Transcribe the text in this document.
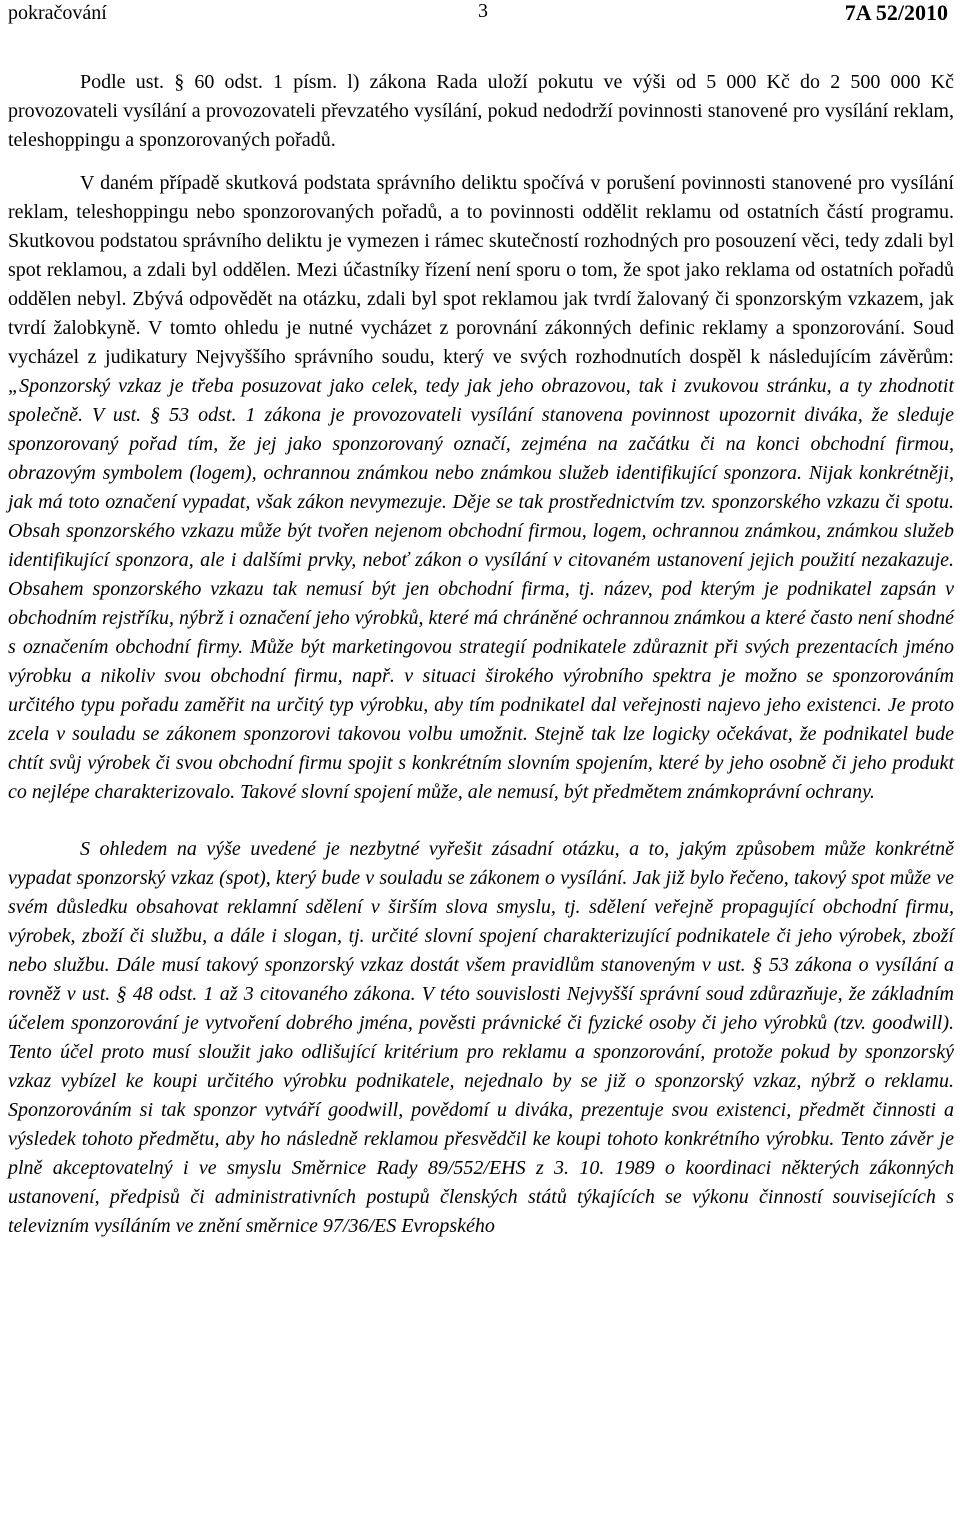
pokračování	3	7A 52/2010

Podle ust. § 60 odst. 1 písm. l) zákona Rada uloží pokutu ve výši od 5 000 Kč do 2 500 000 Kč provozovateli vysílání a provozovateli převzatého vysílání, pokud nedodrží povinnosti stanovené pro vysílání reklam, teleshoppingu a sponzorovaných pořadů.

V daném případě skutková podstata správního deliktu spočívá v porušení povinnosti stanovené pro vysílání reklam, teleshoppingu nebo sponzorovaných pořadů, a to povinnosti oddělit reklamu od ostatních částí programu. Skutkovou podstatou správního deliktu je vymezen i rámec skutečností rozhodných pro posouzení věci, tedy zdali byl spot reklamou, a zdali byl oddělen. Mezi účastníky řízení není sporu o tom, že spot jako reklama od ostatních pořadů oddělen nebyl. Zbývá odpovědět na otázku, zdali byl spot reklamou jak tvrdí žalovaný či sponzorským vzkazem, jak tvrdí žalobkyně. V tomto ohledu je nutné vycházet z porovnání zákonných definic reklamy a sponzorování. Soud vycházel z judikatury Nejvyššího správního soudu, který ve svých rozhodnutích dospěl k následujícím závěrům: „Sponzorský vzkaz je třeba posuzovat jako celek, tedy jak jeho obrazovou, tak i zvukovou stránku, a ty zhodnotit společně. V ust. § 53 odst. 1 zákona je provozovateli vysílání stanovena povinnost upozornit diváka, že sleduje sponzorovaný pořad tím, že jej jako sponzorovaný označí, zejména na začátku či na konci obchodní firmou, obrazovým symbolem (logem), ochrannou známkou nebo známkou služeb identifikující sponzora. Nijak konkrétněji, jak má toto označení vypadat, však zákon nevymezuje. Děje se tak prostřednictvím tzv. sponzorského vzkazu či spotu. Obsah sponzorského vzkazu může být tvořen nejenom obchodní firmou, logem, ochrannou známkou, známkou služeb identifikující sponzora, ale i dalšími prvky, neboť zákon o vysílání v citovaném ustanovení jejich použití nezakazuje. Obsahem sponzorského vzkazu tak nemusí být jen obchodní firma, tj. název, pod kterým je podnikatel zapsán v obchodním rejstříku, nýbrž i označení jeho výrobků, které má chráněné ochrannou známkou a které často není shodné s označením obchodní firmy. Může být marketingovou strategií podnikatele zdůraznit při svých prezentacích jméno výrobku a nikoliv svou obchodní firmu, např. v situaci širokého výrobního spektra je možno se sponzorováním určitého typu pořadu zaměřit na určitý typ výrobku, aby tím podnikatel dal veřejnosti najevo jeho existenci. Je proto zcela v souladu se zákonem sponzorovi takovou volbu umožnit. Stejně tak lze logicky očekávat, že podnikatel bude chtít svůj výrobek či svou obchodní firmu spojit s konkrétním slovním spojením, které by jeho osobně či jeho produkt co nejlépe charakterizovalo. Takové slovní spojení může, ale nemusí, být předmětem známkoprávní ochrany.

S ohledem na výše uvedené je nezbytné vyřešit zásadní otázku, a to, jakým způsobem může konkrétně vypadat sponzorský vzkaz (spot), který bude v souladu se zákonem o vysílání. Jak již bylo řečeno, takový spot může ve svém důsledku obsahovat reklamní sdělení v širším slova smyslu, tj. sdělení veřejně propagující obchodní firmu, výrobek, zboží či službu, a dále i slogan, tj. určité slovní spojení charakterizující podnikatele či jeho výrobek, zboží nebo službu. Dále musí takový sponzorský vzkaz dostát všem pravidlům stanoveným v ust. § 53 zákona o vysílání a rovněž v ust. § 48 odst. 1 až 3 citovaného zákona. V této souvislosti Nejvyšší správní soud zdůrazňuje, že základním účelem sponzorování je vytvoření dobrého jména, pověsti právnické či fyzické osoby či jeho výrobků (tzv. goodwill). Tento účel proto musí sloužit jako odlišující kritérium pro reklamu a sponzorování, protože pokud by sponzorský vzkaz vybízel ke koupi určitého výrobku podnikatele, nejednalo by se již o sponzorský vzkaz, nýbrž o reklamu. Sponzorováním si tak sponzor vytváří goodwill, povědomí u diváka, prezentuje svou existenci, předmět činnosti a výsledek tohoto předmětu, aby ho následně reklamou přesvědčil ke koupi tohoto konkrétního výrobku. Tento závěr je plně akceptovatelný i ve smyslu Směrnice Rady 89/552/EHS z 3. 10. 1989 o koordinaci některých zákonných ustanovení, předpisů či administrativních postupů členských států týkajících se výkonu činností souvisejících s televizním vysíláním ve znění směrnice 97/36/ES Evropského
